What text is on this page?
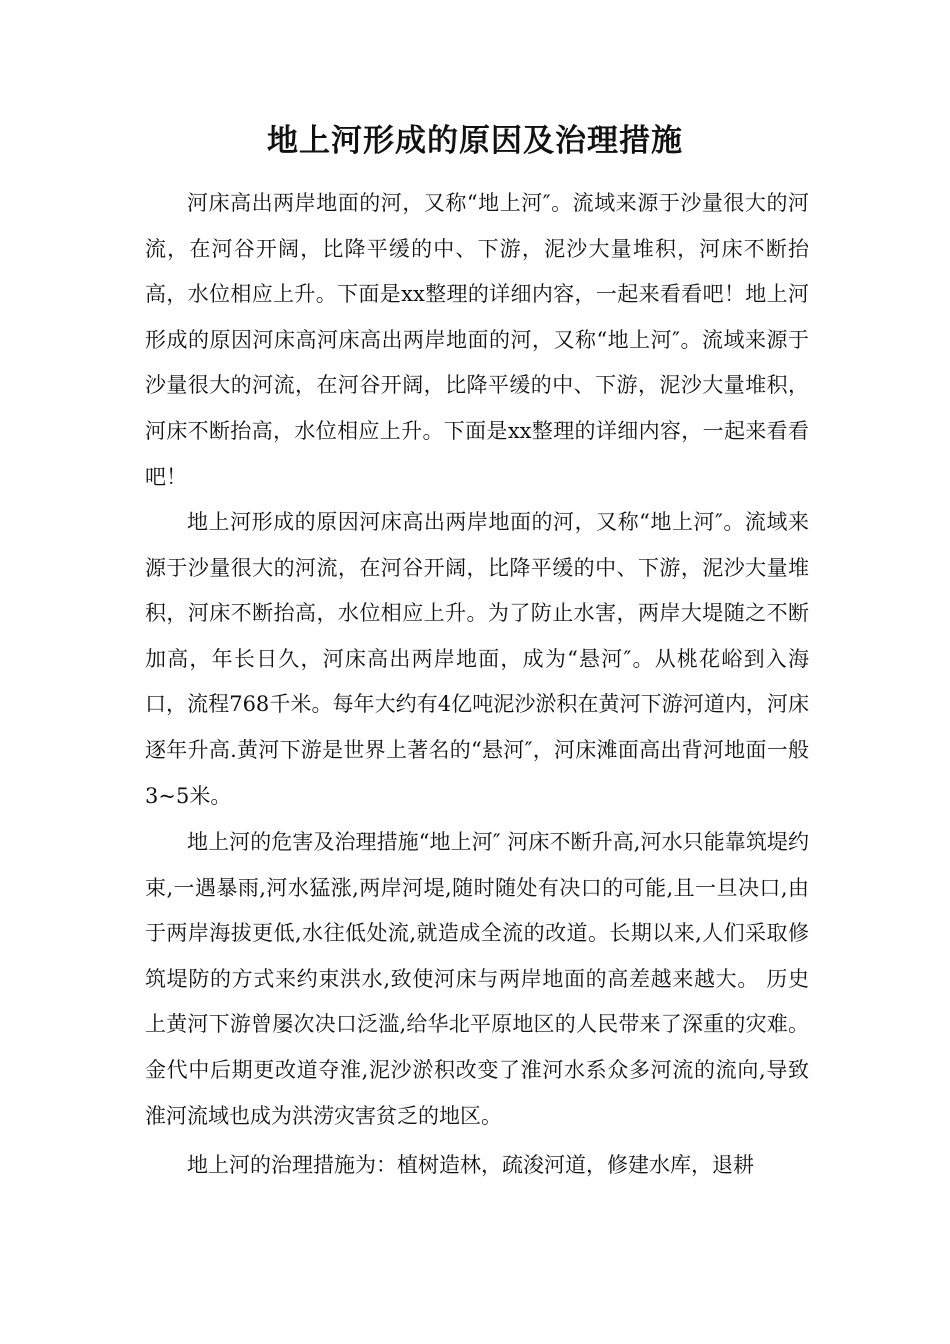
地上河形成的原因及治理措施

河床高出两岸地面的河，又称“地上河″。流域来源于沙量很大的河流，在河谷开阔，比降平缓的中、下游，泥沙大量堆积，河床不断抬高，水位相应上升。下面是xx整理的详细内容，一起来看看吧！地上河形成的原因河床高河床高出两岸地面的河，又称“地上河″。流域来源于沙量很大的河流，在河谷开阔，比降平缓的中、下游，泥沙大量堆积，河床不断抬高，水位相应上升。下面是xx整理的详细内容，一起来看看吧！

地上河形成的原因河床高出两岸地面的河，又称“地上河″。流域来源于沙量很大的河流，在河谷开阔，比降平缓的中、下游，泥沙大量堆积，河床不断抬高，水位相应上升。为了防止水害，两岸大堤随之不断加高，年长日久，河床高出两岸地面，成为“悬河″。从桃花峪到入海口，流程768千米。每年大约有4亿吨泥沙淤积在黄河下游河道内，河床逐年升高.黄河下游是世界上著名的“悬河″，河床滩面高出背河地面一般3~5米。

地上河的危害及治理措施“地上河″ 河床不断升高,河水只能靠筑堤约束,一遇暴雨,河水猛涨,两岸河堤,随时随处有决口的可能,且一旦决口,由于两岸海拔更低,水往低处流,就造成全流的改道。长期以来,人们采取修筑堤防的方式来约束洪水,致使河床与两岸地面的高差越来越大。 历史上黄河下游曾屡次决口泛滥,给华北平原地区的人民带来了深重的灾难。金代中后期更改道夺淮,泥沙淤积改变了淮河水系众多河流的流向,导致淮河流域也成为洪涝灾害贫乏的地区。

地上河的治理措施为：植树造林，疏浚河道，修建水库，退耕
